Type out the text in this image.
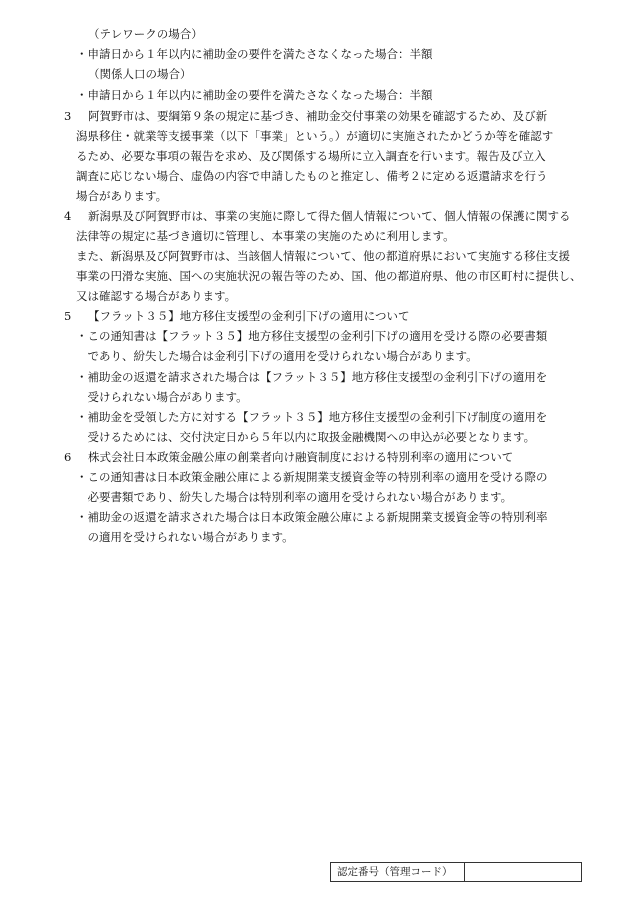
（テレワークの場合）
・申請日から１年以内に補助金の要件を満たさなくなった場合：半額
（関係人口の場合）
・申請日から１年以内に補助金の要件を満たさなくなった場合：半額
3 阿賀野市は、要綱第９条の規定に基づき、補助金交付事業の効果を確認するため、及び新
潟県移住・就業等支援事業（以下「事業」という。）が適切に実施されたかどうか等を確認す
るため、必要な事項の報告を求め、及び関係する場所に立入調査を行います。報告及び立入
調査に応じない場合、虚偽の内容で申請したものと推定し、備考２に定める返還請求を行う
場合があります。
4 新潟県及び阿賀野市は、事業の実施に際して得た個人情報について、個人情報の保護に関する
法律等の規定に基づき適切に管理し、本事業の実施のために利用します。
また、新潟県及び阿賀野市は、当該個人情報について、他の都道府県において実施する移住支援
事業の円滑な実施、国への実施状況の報告等のため、国、他の都道府県、他の市区町村に提供し、
又は確認する場合があります。
5 【フラット３５】地方移住支援型の金利引下げの適用について
・この通知書は【フラット３５】地方移住支援型の金利引下げの適用を受ける際の必要書類
　であり、紛失した場合は金利引下げの適用を受けられない場合があります。
・補助金の返還を請求された場合は【フラット３５】地方移住支援型の金利引下げの適用を
　受けられない場合があります。
・補助金を受領した方に対する【フラット３５】地方移住支援型の金利引下げ制度の適用を
　受けるためには、交付決定日から５年以内に取扱金融機関への申込が必要となります。
6 株式会社日本政策金融公庫の創業者向け融資制度における特別利率の適用について
・この通知書は日本政策金融公庫による新規開業支援資金等の特別利率の適用を受ける際の
　必要書類であり、紛失した場合は特別利率の適用を受けられない場合があります。
・補助金の返還を請求された場合は日本政策金融公庫による新規開業支援資金等の特別利率
　の適用を受けられない場合があります。
認定番号（管理コード）
